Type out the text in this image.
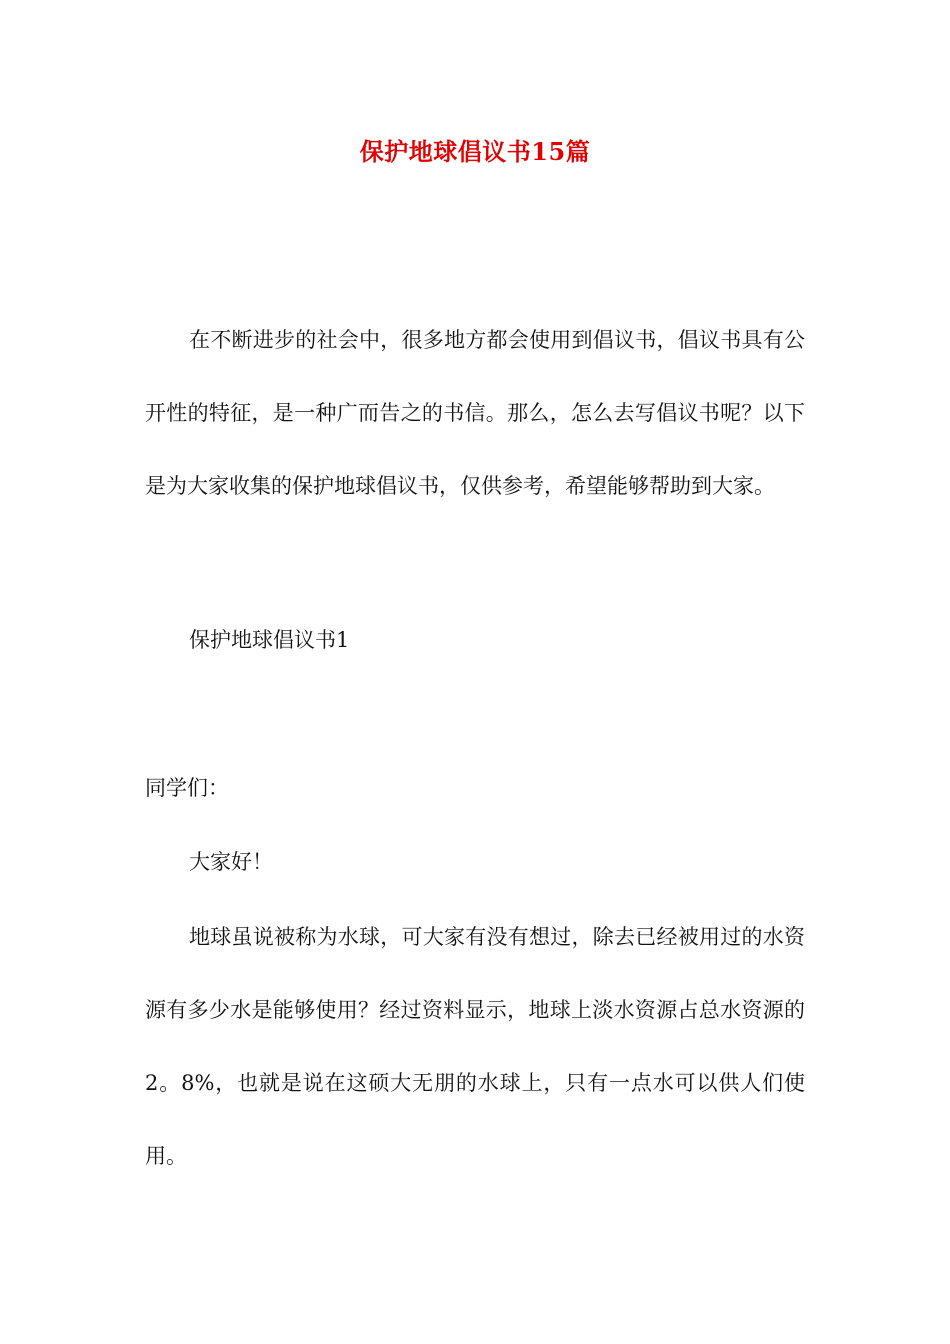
保护地球倡议书15篇

在不断进步的社会中，很多地方都会使用到倡议书，倡议书具有公开性的特征，是一种广而告之的书信。那么，怎么去写倡议书呢？以下是为大家收集的保护地球倡议书，仅供参考，希望能够帮助到大家。

保护地球倡议书1

同学们：

大家好！

地球虽说被称为水球，可大家有没有想过，除去已经被用过的水资源有多少水是能够使用？经过资料显示，地球上淡水资源占总水资源的2。8%，也就是说在这硕大无朋的水球上，只有一点水可以供人们使用。
